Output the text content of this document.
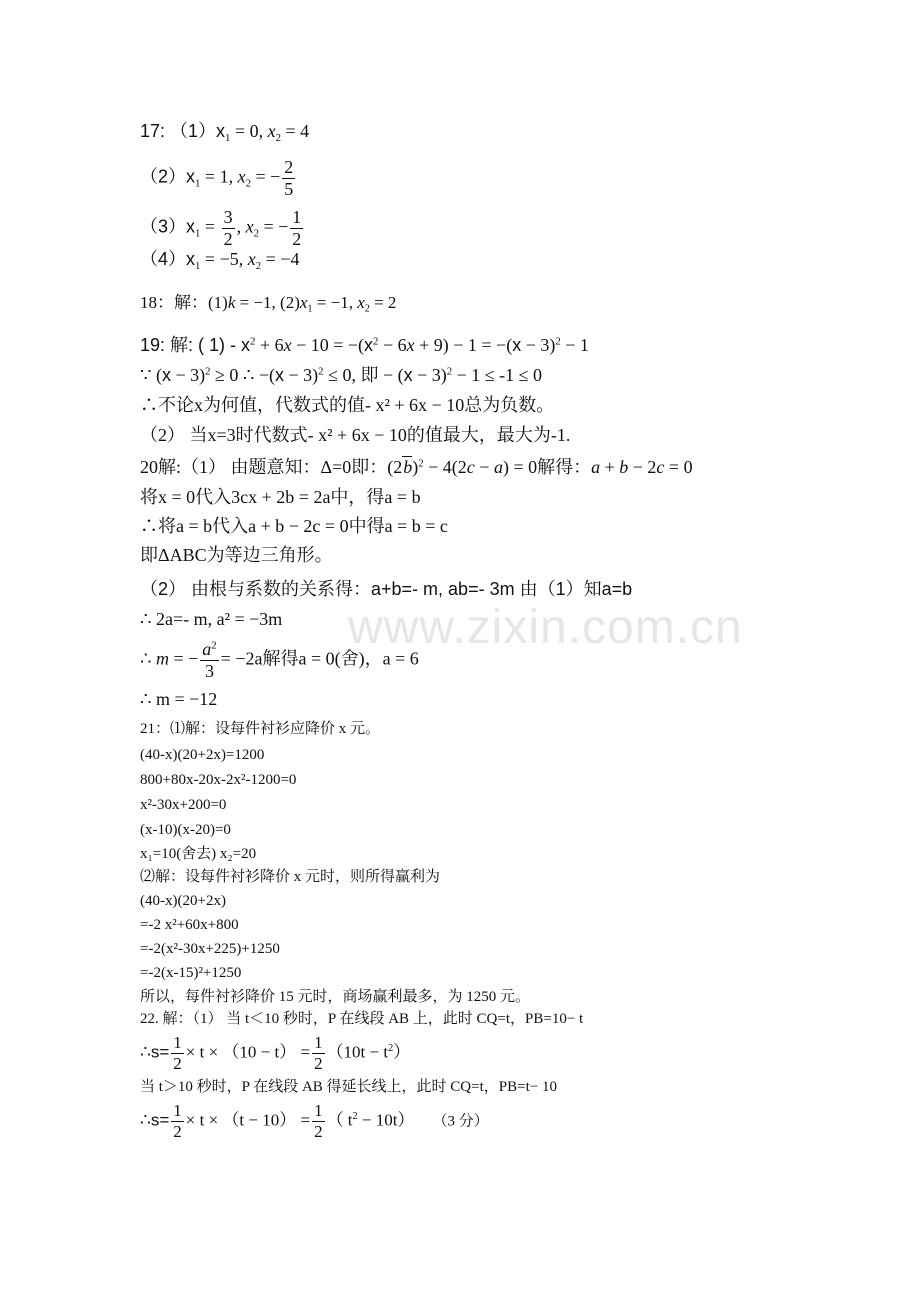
www.zixin.com.cn
17: $(1)x_1 = 0$, $x_2 = 4$
$(2)x_1 = 1$, $x_2$ = − $\frac{2}{5}$
$(3)x_1 = \frac{3}{2}$ , $x_2$ = − $\frac{1}{2}$
$(4)x_1 = -5$, $x_2 = -4$
18：解：(1)k = −1, $(2)x_1 = -1$, $x_2 = 2$
19: 解: ( $1) - x^2 + 6x - 10 = -(x^2 - 6x + 9) - 1 = -(x - 3)^2 - 1$
∵ $(x - 3)^2 \ge 0$ ∴ $-(x - 3)^2 \le 0$, 即 − $(x - 3)^2 - 1 \le -1 \le 0$
∴不论x为何值，代数式的值- x² + 6x − 10总为负数。
（2） 当x=3时代数式- x² + 6x − 10的值最大，最大为-1.
20解:（1） 由题意知：Δ=0即：$(2b)^2 - 4(2c - a) = 0$解得：a + b − 2c = 0
将x = 0代入3cx + 2b = 2a中，得a = b
∴将a = b代入a + b − 2c = 0中得a = b = c
即ΔABC为等边三角形。
（2） 由根与系数的关系得：a+b=- m, ab=- 3m 由（1）知a=b
∴ 2a=- m, a² = −3m
∴ m = − $\frac{a^2}{3} = -2a$解得a = 0(舍)，a = 6
∴ m = −12
21：⑴解：设每件衬衫应降价 x 元。
(40-x)(20+2x)=1200
800+80x-20x-2x²-1200=0
x²-30x+200=0
(x-10)(x-20)=0
x₁=10(舍去) x₂=20
⑵解：设每件衬衫降价 x 元时，则所得赢利为
(40-x)(20+2x)
=-2 x²+60x+800
=-2(x²-30x+225)+1250
=-2(x-15)²+1250
所以，每件衬衫降价 15 元时，商场赢利最多，为 1250 元。
22. 解：（1） 当 t＜10 秒时，P 在线段 AB 上，此时 CQ=t，PB=10− t
∴s= $\frac{1}{2} \times t \times (10 - t) = \frac{1}{2} (10t - t^2)$
当 t＞10 秒时，P 在线段 AB 得延长线上，此时 CQ=t，PB=t− 10
∴s= $\frac{1}{2} \times t \times (t - 10) = \frac{1}{2}$ （ $t^2 - 10t$） （3 分）
